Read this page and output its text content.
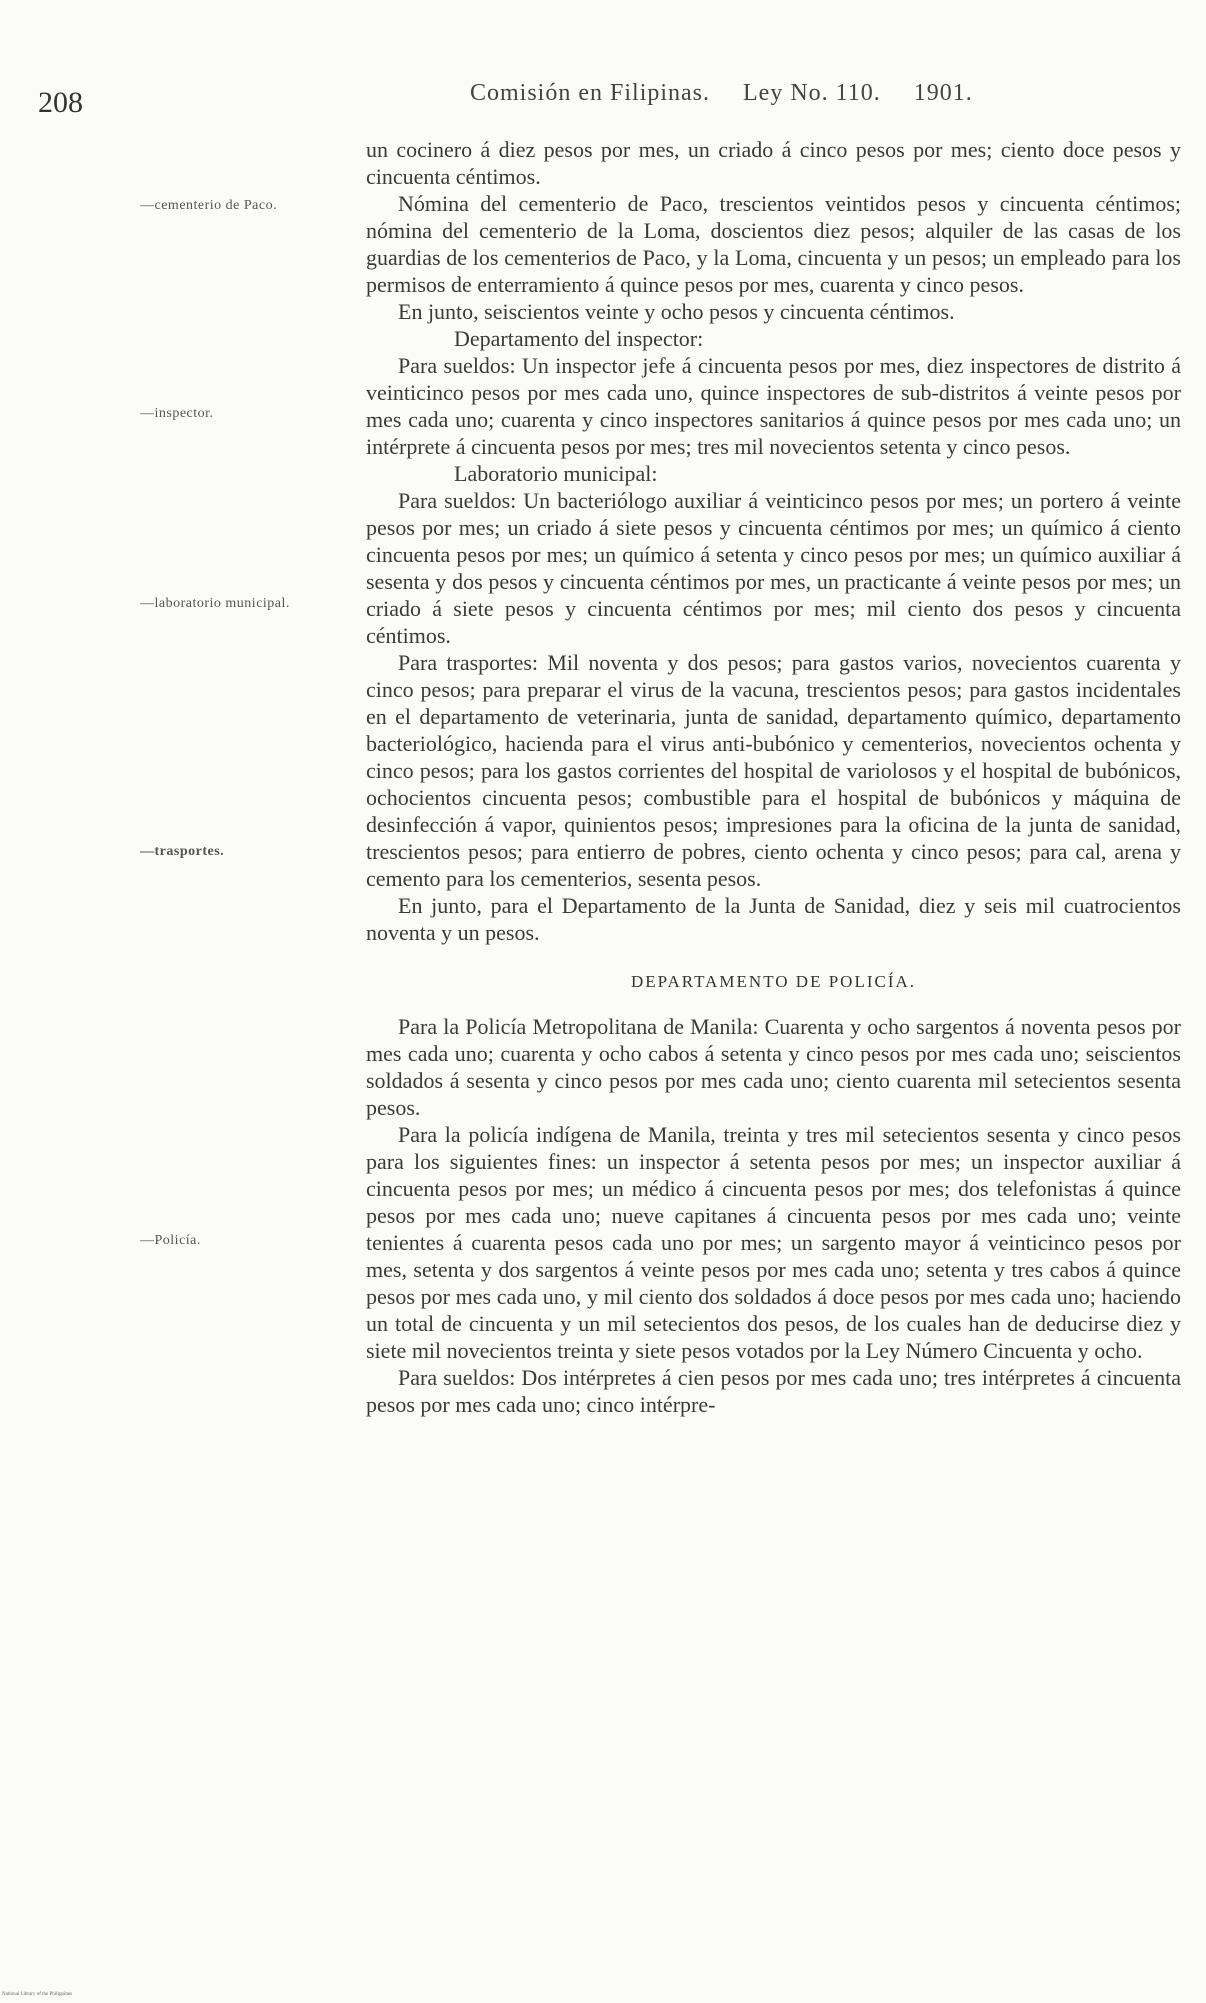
208	Comisión en Filipinas. Ley No. 110. 1901.
—cementerio de Paco.
—inspector.
—laboratorio municipal.
—trasportes.
—Policía.

un cocinero á diez pesos por mes, un criado á cinco pesos por mes; ciento doce pesos y cincuenta céntimos.

Nómina del cementerio de Paco, trescientos veintidos pesos y cincuenta céntimos; nómina del cementerio de la Loma, doscientos diez pesos; alquiler de las casas de los guardias de los cementerios de Paco, y la Loma, cincuenta y un pesos; un empleado para los permisos de enterramiento á quince pesos por mes, cuarenta y cinco pesos.

En junto, seiscientos veinte y ocho pesos y cincuenta céntimos.

Departamento del inspector:

Para sueldos: Un inspector jefe á cincuenta pesos por mes, diez inspectores de distrito á veinticinco pesos por mes cada uno, quince inspectores de sub-distritos á veinte pesos por mes cada uno; cuarenta y cinco inspectores sanitarios á quince pesos por mes cada uno; un intérprete á cincuenta pesos por mes; tres mil novecientos setenta y cinco pesos.

Laboratorio municipal:

Para sueldos: Un bacteriólogo auxiliar á veinticinco pesos por mes; un portero á veinte pesos por mes; un criado á siete pesos y cincuenta céntimos por mes; un químico á ciento cincuenta pesos por mes; un químico á setenta y cinco pesos por mes; un químico auxiliar á sesenta y dos pesos y cincuenta céntimos por mes, un practicante á veinte pesos por mes; un criado á siete pesos y cincuenta céntimos por mes; mil ciento dos pesos y cincuenta céntimos.

Para trasportes: Mil noventa y dos pesos; para gastos varios, novecientos cuarenta y cinco pesos; para preparar el virus de la vacuna, trescientos pesos; para gastos incidentales en el departamento de veterinaria, junta de sanidad, departamento químico, departamento bacteriológico, hacienda para el virus anti-bubónico y cementerios, novecientos ochenta y cinco pesos; para los gastos corrientes del hospital de variolosos y el hospital de bubónicos, ochocientos cincuenta pesos; combustible para el hospital de bubónicos y máquina de desinfección á vapor, quinientos pesos; impresiones para la oficina de la junta de sanidad, trescientos pesos; para entierro de pobres, ciento ochenta y cinco pesos; para cal, arena y cemento para los cementerios, sesenta pesos.

En junto, para el Departamento de la Junta de Sanidad, diez y seis mil cuatrocientos noventa y un pesos.

DEPARTAMENTO DE POLICÍA.

Para la Policía Metropolitana de Manila: Cuarenta y ocho sargentos á noventa pesos por mes cada uno; cuarenta y ocho cabos á setenta y cinco pesos por mes cada uno; seiscientos soldados á sesenta y cinco pesos por mes cada uno; ciento cuarenta mil setecientos sesenta pesos.

Para la policía indígena de Manila, treinta y tres mil setecientos sesenta y cinco pesos para los siguientes fines: un inspector á setenta pesos por mes; un inspector auxiliar á cincuenta pesos por mes; un médico á cincuenta pesos por mes; dos telefonistas á quince pesos por mes cada uno; nueve capitanes á cincuenta pesos por mes cada uno; veinte tenientes á cuarenta pesos cada uno por mes; un sargento mayor á veinticinco pesos por mes, setenta y dos sargentos á veinte pesos por mes cada uno; setenta y tres cabos á quince pesos por mes cada uno, y mil ciento dos soldados á doce pesos por mes cada uno; haciendo un total de cincuenta y un mil setecientos dos pesos, de los cuales han de deducirse diez y siete mil novecientos treinta y siete pesos votados por la Ley Número Cincuenta y ocho.

Para sueldos: Dos intérpretes á cien pesos por mes cada uno; tres intérpretes á cincuenta pesos por mes cada uno; cinco intérpre-

National Library of the Philippines
